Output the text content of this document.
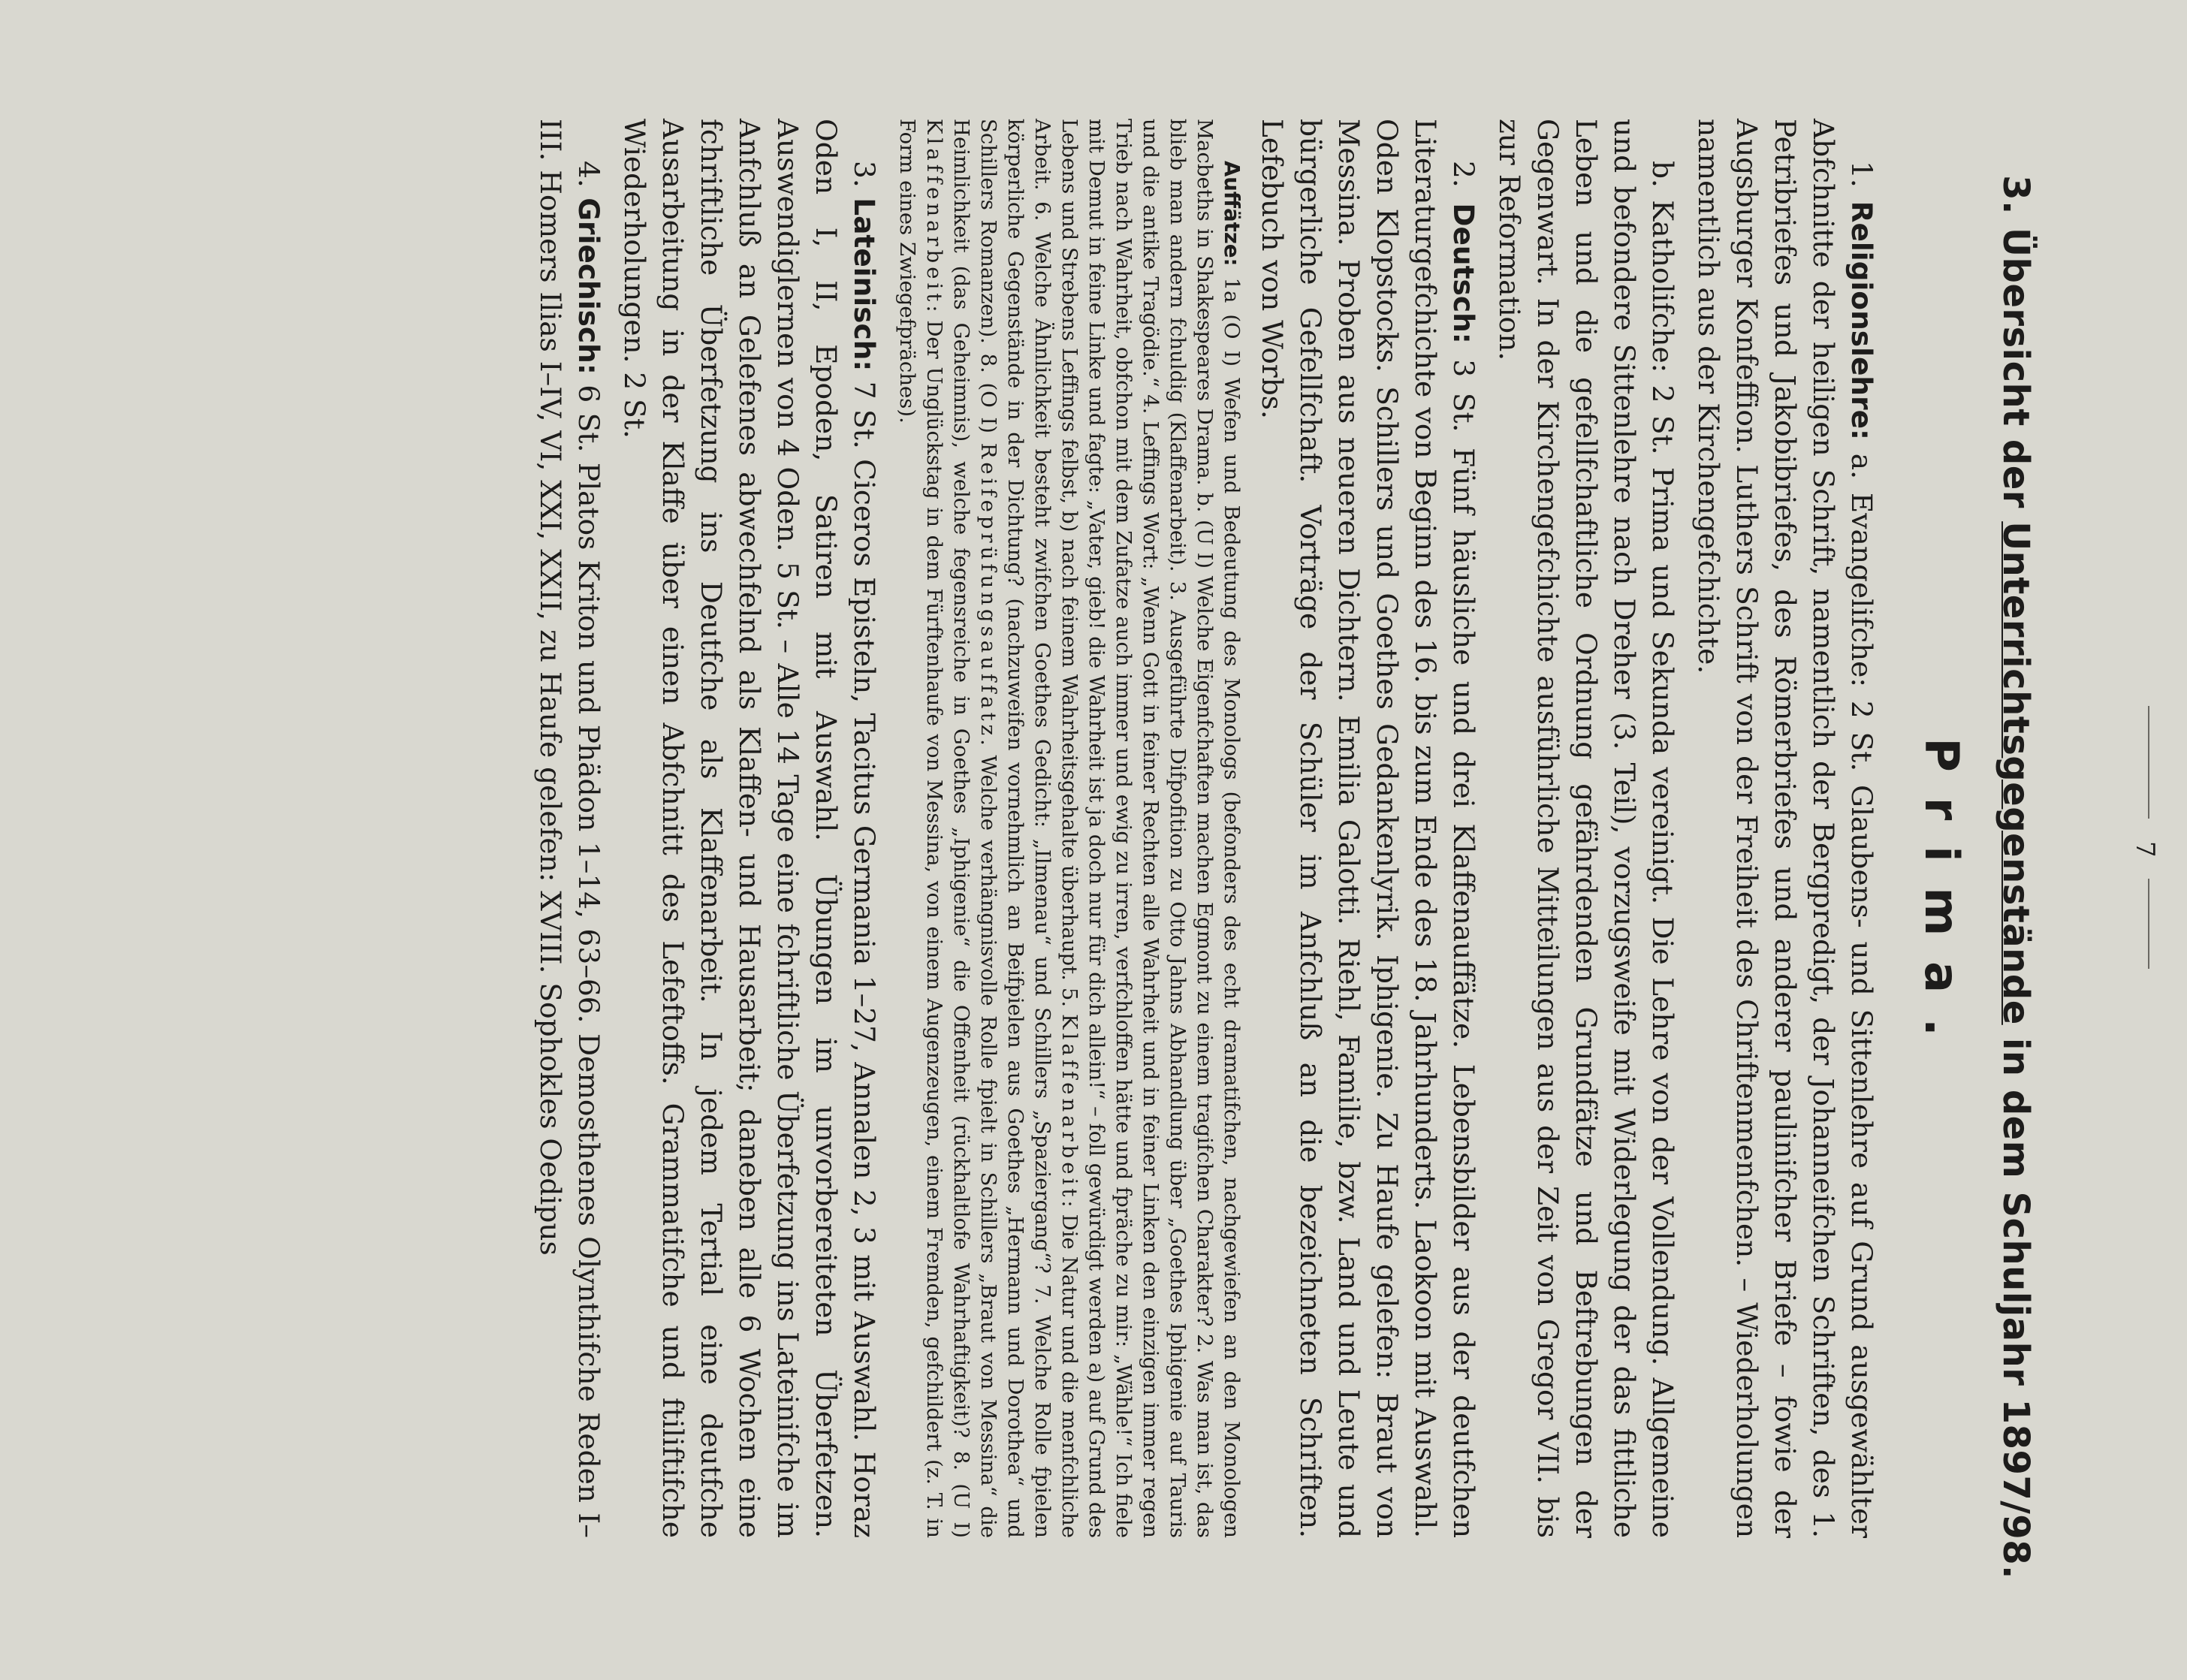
7
3. Übersicht der Unterrichtsgegenstände in dem Schuljahr 1897/98.
Prima.

1. Religionslehre: a. Evangelifche: 2 St. Glaubens- und Sittenlehre auf Grund ausgewählter Abfchnitte der heiligen Schrift, namentlich der Bergpredigt, der Johanneifchen Schriften, des 1. Petribriefes und Jakobibriefes, des Römerbriefes und anderer paulinifcher Briefe – fowie der Augsburger Konfeffion. Luthers Schrift von der Freiheit des Chriftenmenfchen. – Wiederholungen namentlich aus der Kirchengefchichte.

b. Katholifche: 2 St. Prima und Sekunda vereinigt. Die Lehre von der Vollendung. Allgemeine und befondere Sittenlehre nach Dreher (3. Teil), vorzugsweife mit Widerlegung der das fittliche Leben und die gefellfchaftliche Ordnung gefährdenden Grundfätze und Beftrebungen der Gegenwart. In der Kirchengefchichte ausführliche Mitteilungen aus der Zeit von Gregor VII. bis zur Reformation.

2. Deutsch: 3 St. Fünf häusliche und drei Klaffenauffätze. Lebensbilder aus der deutfchen Literaturgefchichte von Beginn des 16. bis zum Ende des 18. Jahrhunderts. Laokoon mit Auswahl. Oden Klopstocks. Schillers und Goethes Gedankenlyrik. Iphigenie. Zu Haufe gelefen: Braut von Messina. Proben aus neueren Dichtern. Emilia Galotti. Riehl, Familie, bzw. Land und Leute und bürgerliche Gefellfchaft. Vorträge der Schüler im Anfchluß an die bezeichneten Schriften. Lefebuch von Worbs.

Auffätze: 1a (O I) Wefen und Bedeutung des Monologs (befonders des echt dramatifchen, nachgewiefen an den Monologen Macbeths in Shakespeares Drama. b. (U I) Welche Eigenfchaften machen Egmont zu einem tragifchen Charakter? 2. Was man ist, das blieb man andern fchuldig (Klaffenarbeit). 3. Ausgeführte Difpofition zu Otto Jahns Abhandlung über „Goethes Iphigenie auf Tauris und die antike Tragödie.“ 4. Leffings Wort: „Wenn Gott in feiner Rechten alle Wahrheit und in feiner Linken den einzigen immer regen Trieb nach Wahrheit, obfchon mit dem Zufatze auch immer und ewig zu irren, verfchloffen hätte und fpräche zu mir: „Wähle!“ Ich fiele mit Demut in feine Linke und fagte: „Vater, gieb! die Wahrheit ist ja doch nur für dich allein!“ – foll gewürdigt werden a) auf Grund des Lebens und Strebens Leffings felbst, b) nach feinem Wahrheitsgehalte überhaupt. 5. Klaffenarbeit: Die Natur und die menfchliche Arbeit. 6. Welche Ähnlichkeit besteht zwifchen Goethes Gedicht: „Ilmenau“ und Schillers „Spaziergang“? 7. Welche Rolle fpielen körperliche Gegenstände in der Dichtung? (nachzuweifen vornehmlich an Beifpielen aus Goethes „Hermann und Dorothea“ und Schillers Romanzen). 8. (O I) Reifeprüfungsauffatz. Welche verhängnisvolle Rolle fpielt in Schillers „Braut von Messina“ die Heimlichkeit (das Geheimnis), welche fegensreiche in Goethes „Iphigenie“ die Offenheit (rückhaltlofe Wahrhaftigkeit)? 8. (U I) Klaffenarbeit: Der Unglückstag in dem Fürftenhaufe von Messina, von einem Augenzeugen, einem Fremden, gefchildert (z. T. in Form eines Zwiegefpräches).

3. Lateinisch: 7 St. Ciceros Episteln, Tacitus Germania 1–27, Annalen 2, 3 mit Auswahl. Horaz Oden I, II, Epoden, Satiren mit Auswahl. Übungen im unvorbereiteten Überfetzen. Auswendiglernen von 4 Oden. 5 St. – Alle 14 Tage eine fchriftliche Überfetzung ins Lateinifche im Anfchluß an Gelefenes abwechfelnd als Klaffen- und Hausarbeit; daneben alle 6 Wochen eine fchriftliche Überfetzung ins Deutfche als Klaffenarbeit. In jedem Tertial eine deutfche Ausarbeitung in der Klaffe über einen Abfchnitt des Lefeftoffs. Grammatifche und ftiliftifche Wiederholungen. 2 St.

4. Griechisch: 6 St. Platos Kriton und Phädon 1–14, 63–66. Demosthenes Olynthifche Reden I–III. Homers Ilias I–IV, VI, XXI, XXII, zu Haufe gelefen: XVIII. Sophokles Oedipus
